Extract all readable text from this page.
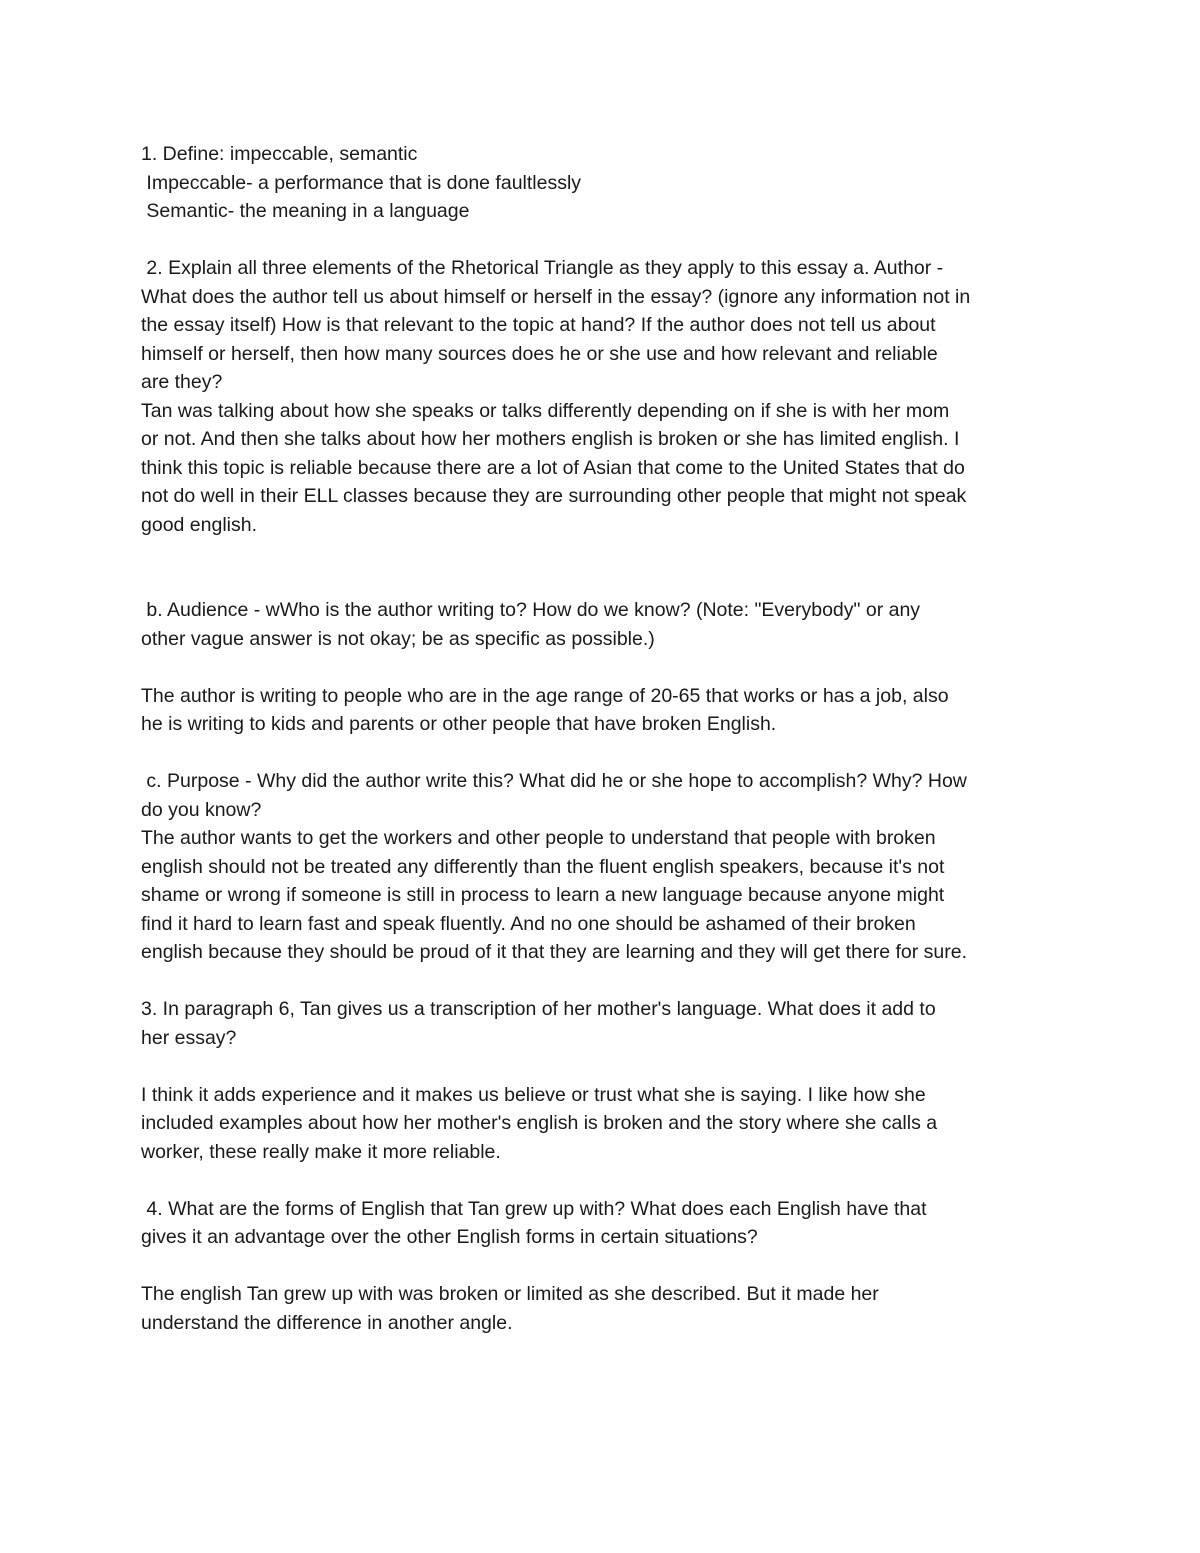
1. Define: impeccable, semantic
Impeccable- a performance that is done faultlessly
Semantic- the meaning in a language
2. Explain all three elements of the Rhetorical Triangle as they apply to this essay a. Author -
What does the author tell us about himself or herself in the essay? (ignore any information not in
the essay itself) How is that relevant to the topic at hand? If the author does not tell us about
himself or herself, then how many sources does he or she use and how relevant and reliable
are they?
Tan was talking about how she speaks or talks differently depending on if she is with her mom
or not. And then she talks about how her mothers english is broken or she has limited english. I
think this topic is reliable because there are a lot of Asian that come to the United States that do
not do well in their ELL classes because they are surrounding other people that might not speak
good english.
b. Audience - wWho is the author writing to? How do we know? (Note: "Everybody" or any
other vague answer is not okay; be as specific as possible.)
The author is writing to people who are in the age range of 20-65 that works or has a job, also
he is writing to kids and parents or other people that have broken English.
c. Purpose - Why did the author write this? What did he or she hope to accomplish? Why? How
do you know?
The author wants to get the workers and other people to understand that people with broken
english should not be treated any differently than the fluent english speakers, because it's not
shame or wrong if someone is still in process to learn a new language because anyone might
find it hard to learn fast and speak fluently. And no one should be ashamed of their broken
english because they should be proud of it that they are learning and they will get there for sure.
3. In paragraph 6, Tan gives us a transcription of her mother's language. What does it add to
her essay?
I think it adds experience and it makes us believe or trust what she is saying. I like how she
included examples about how her mother's english is broken and the story where she calls a
worker, these really make it more reliable.
4. What are the forms of English that Tan grew up with? What does each English have that
gives it an advantage over the other English forms in certain situations?
The english Tan grew up with was broken or limited as she described. But it made her
understand the difference in another angle.
